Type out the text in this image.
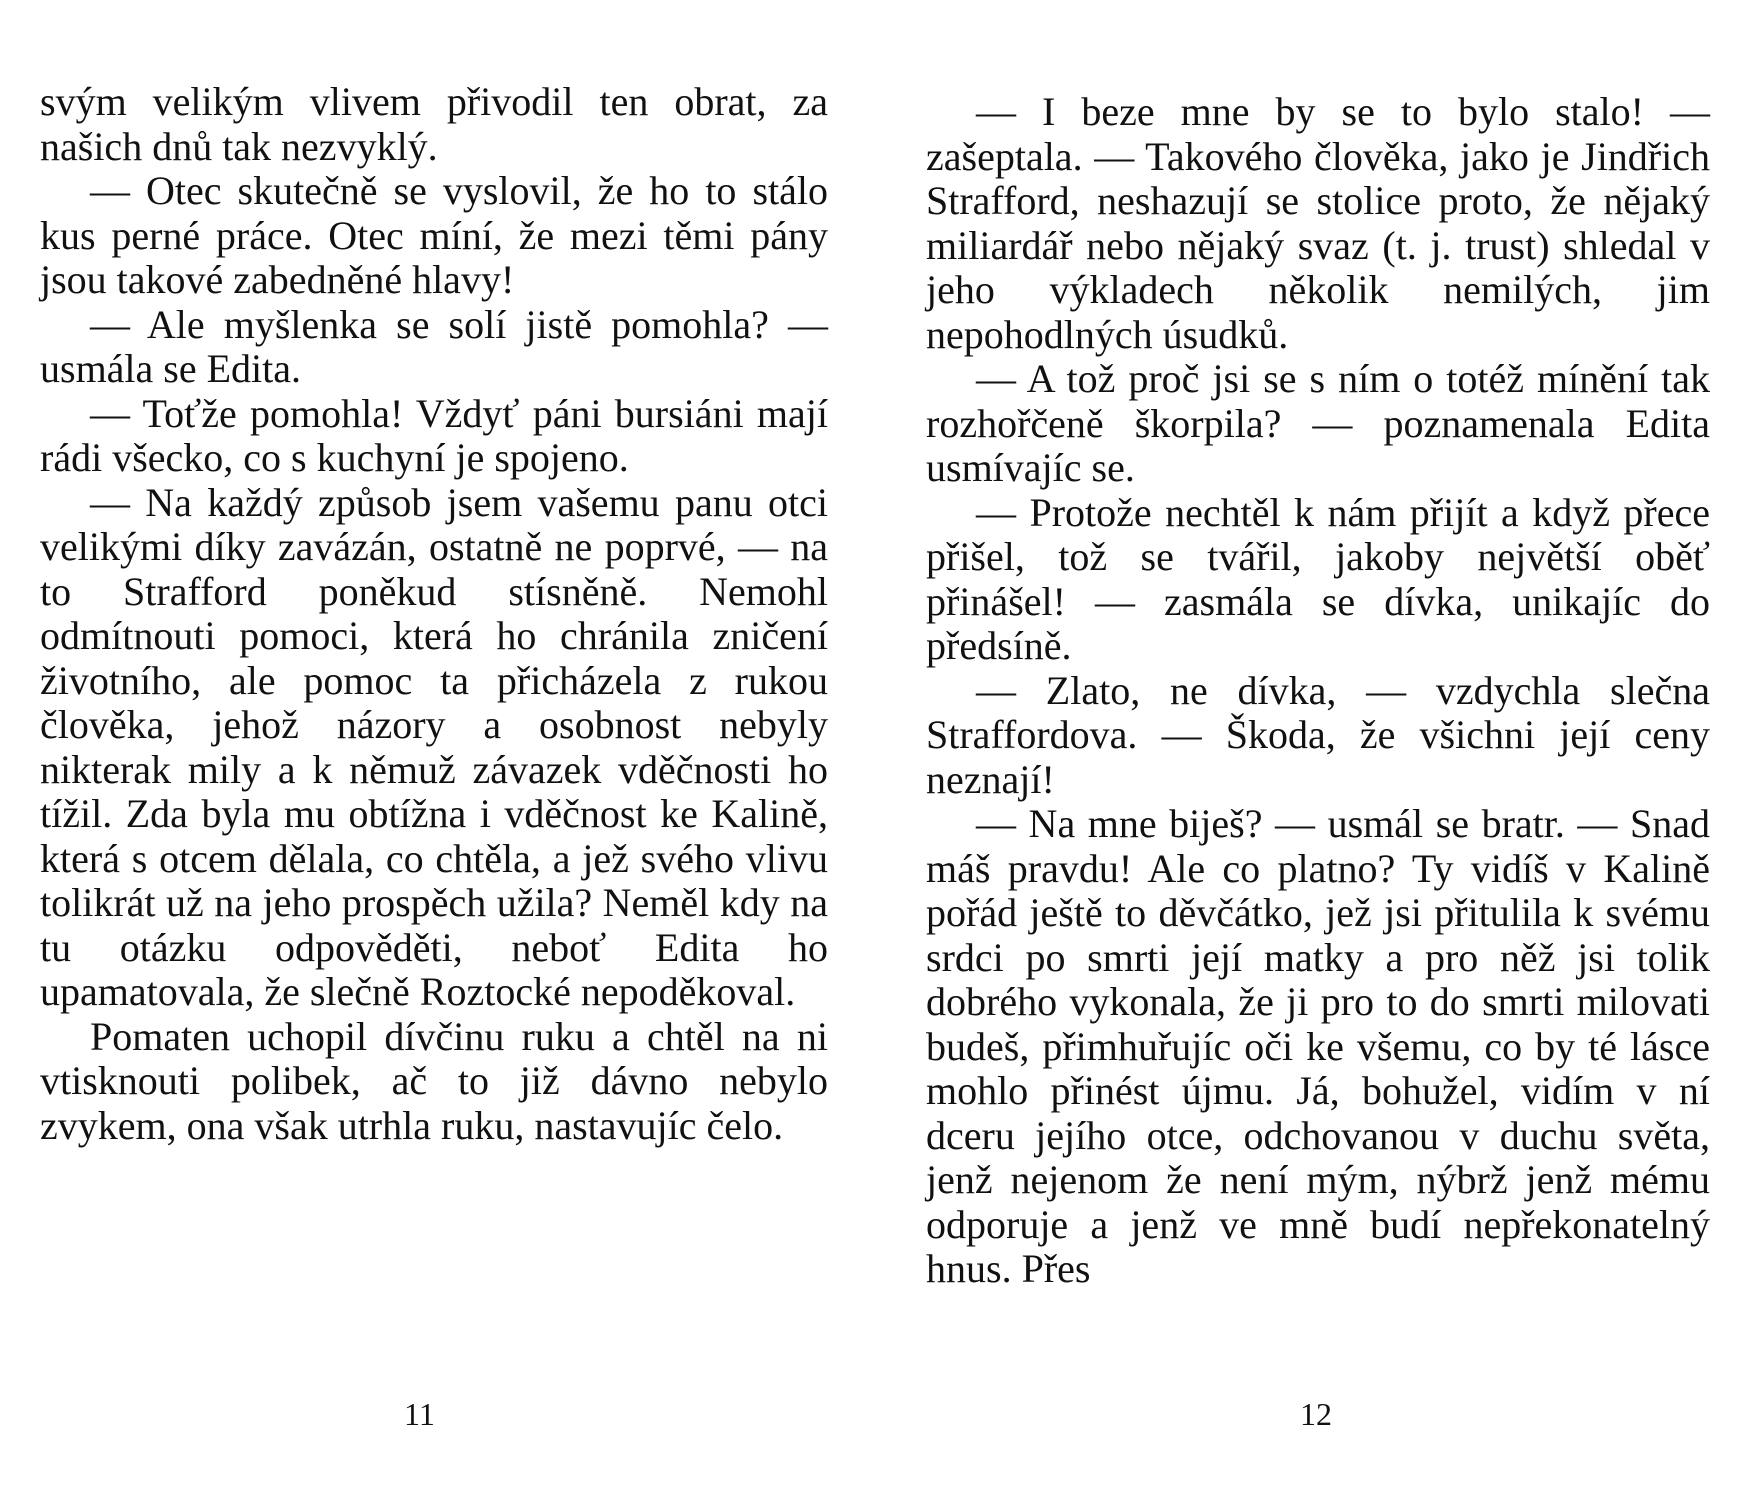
svým velikým vlivem přivodil ten obrat, za našich dnů tak nezvyklý.

— Otec skutečně se vyslovil, že ho to stálo kus perné práce. Otec míní, že mezi těmi pány jsou takové zabedněné hlavy!

— Ale myšlenka se solí jistě pomohla? — usmála se Edita.

— Toťže pomohla! Vždyť páni bursiáni mají rádi všecko, co s kuchyní je spojeno.

— Na každý způsob jsem vašemu panu otci velikými díky zavázán, ostatně ne poprvé, — na to Strafford poněkud stísněně. Nemohl odmítnouti pomoci, která ho chránila zničení životního, ale pomoc ta přicházela z rukou člověka, jehož názory a osobnost nebyly nikterak mily a k němuž závazek vděčnosti ho tížil. Zda byla mu obtížna i vděčnost ke Kalině, která s otcem dělala, co chtěla, a jež svého vlivu tolikrát už na jeho prospěch užila? Neměl kdy na tu otázku odpověděti, neboť Edita ho upamatovala, že slečně Roztocké nepoděkoval.

Pomaten uchopil dívčinu ruku a chtěl na ni vtisknouti polibek, ač to již dávno nebylo zvykem, ona však utrhla ruku, nastavujíc čelo.

11

— I beze mne by se to bylo stalo! — zašeptala. — Takového člověka, jako je Jindřich Strafford, neshazují se stolice proto, že nějaký miliardář nebo nějaký svaz (t. j. trust) shledal v jeho výkladech několik nemilých, jim nepohodlných úsudků.

— A tož proč jsi se s ním o totéž mínění tak rozhořčeně škorpila? — poznamenala Edita usmívajíc se.

— Protože nechtěl k nám přijít a když přece přišel, tož se tvářil, jakoby největší oběť přinášel! — zasmála se dívka, unikajíc do předsíně.

— Zlato, ne dívka, — vzdychla slečna Straffordova. — Škoda, že všichni její ceny neznají!

— Na mne biješ? — usmál se bratr. — Snad máš pravdu! Ale co platno? Ty vidíš v Kalině pořád ještě to děvčátko, jež jsi přitulila k svému srdci po smrti její matky a pro něž jsi tolik dobrého vykonala, že ji pro to do smrti milovati budeš, přimhuřujíc oči ke všemu, co by té lásce mohlo přinést újmu. Já, bohužel, vidím v ní dceru jejího otce, odchovanou v duchu světa, jenž nejenom že není mým, nýbrž jenž mému odporuje a jenž ve mně budí nepřekonatelný hnus. Přes

12
